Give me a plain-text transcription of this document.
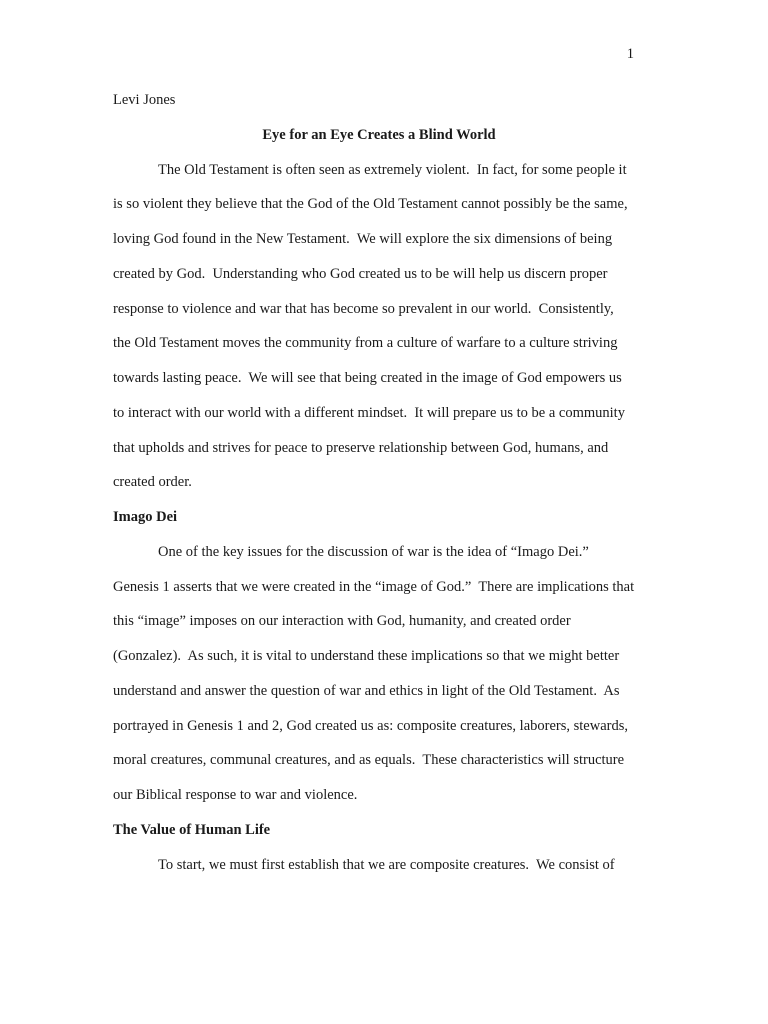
1
Levi Jones
Eye for an Eye Creates a Blind World
The Old Testament is often seen as extremely violent.  In fact, for some people it
is so violent they believe that the God of the Old Testament cannot possibly be the same,
loving God found in the New Testament.  We will explore the six dimensions of being
created by God.  Understanding who God created us to be will help us discern proper
response to violence and war that has become so prevalent in our world.  Consistently,
the Old Testament moves the community from a culture of warfare to a culture striving
towards lasting peace.  We will see that being created in the image of God empowers us
to interact with our world with a different mindset.  It will prepare us to be a community
that upholds and strives for peace to preserve relationship between God, humans, and
created order.
Imago Dei
One of the key issues for the discussion of war is the idea of “Imago Dei.”
Genesis 1 asserts that we were created in the “image of God.”  There are implications that
this “image” imposes on our interaction with God, humanity, and created order
(Gonzalez).  As such, it is vital to understand these implications so that we might better
understand and answer the question of war and ethics in light of the Old Testament.  As
portrayed in Genesis 1 and 2, God created us as: composite creatures, laborers, stewards,
moral creatures, communal creatures, and as equals.  These characteristics will structure
our Biblical response to war and violence.
The Value of Human Life
To start, we must first establish that we are composite creatures.  We consist of
